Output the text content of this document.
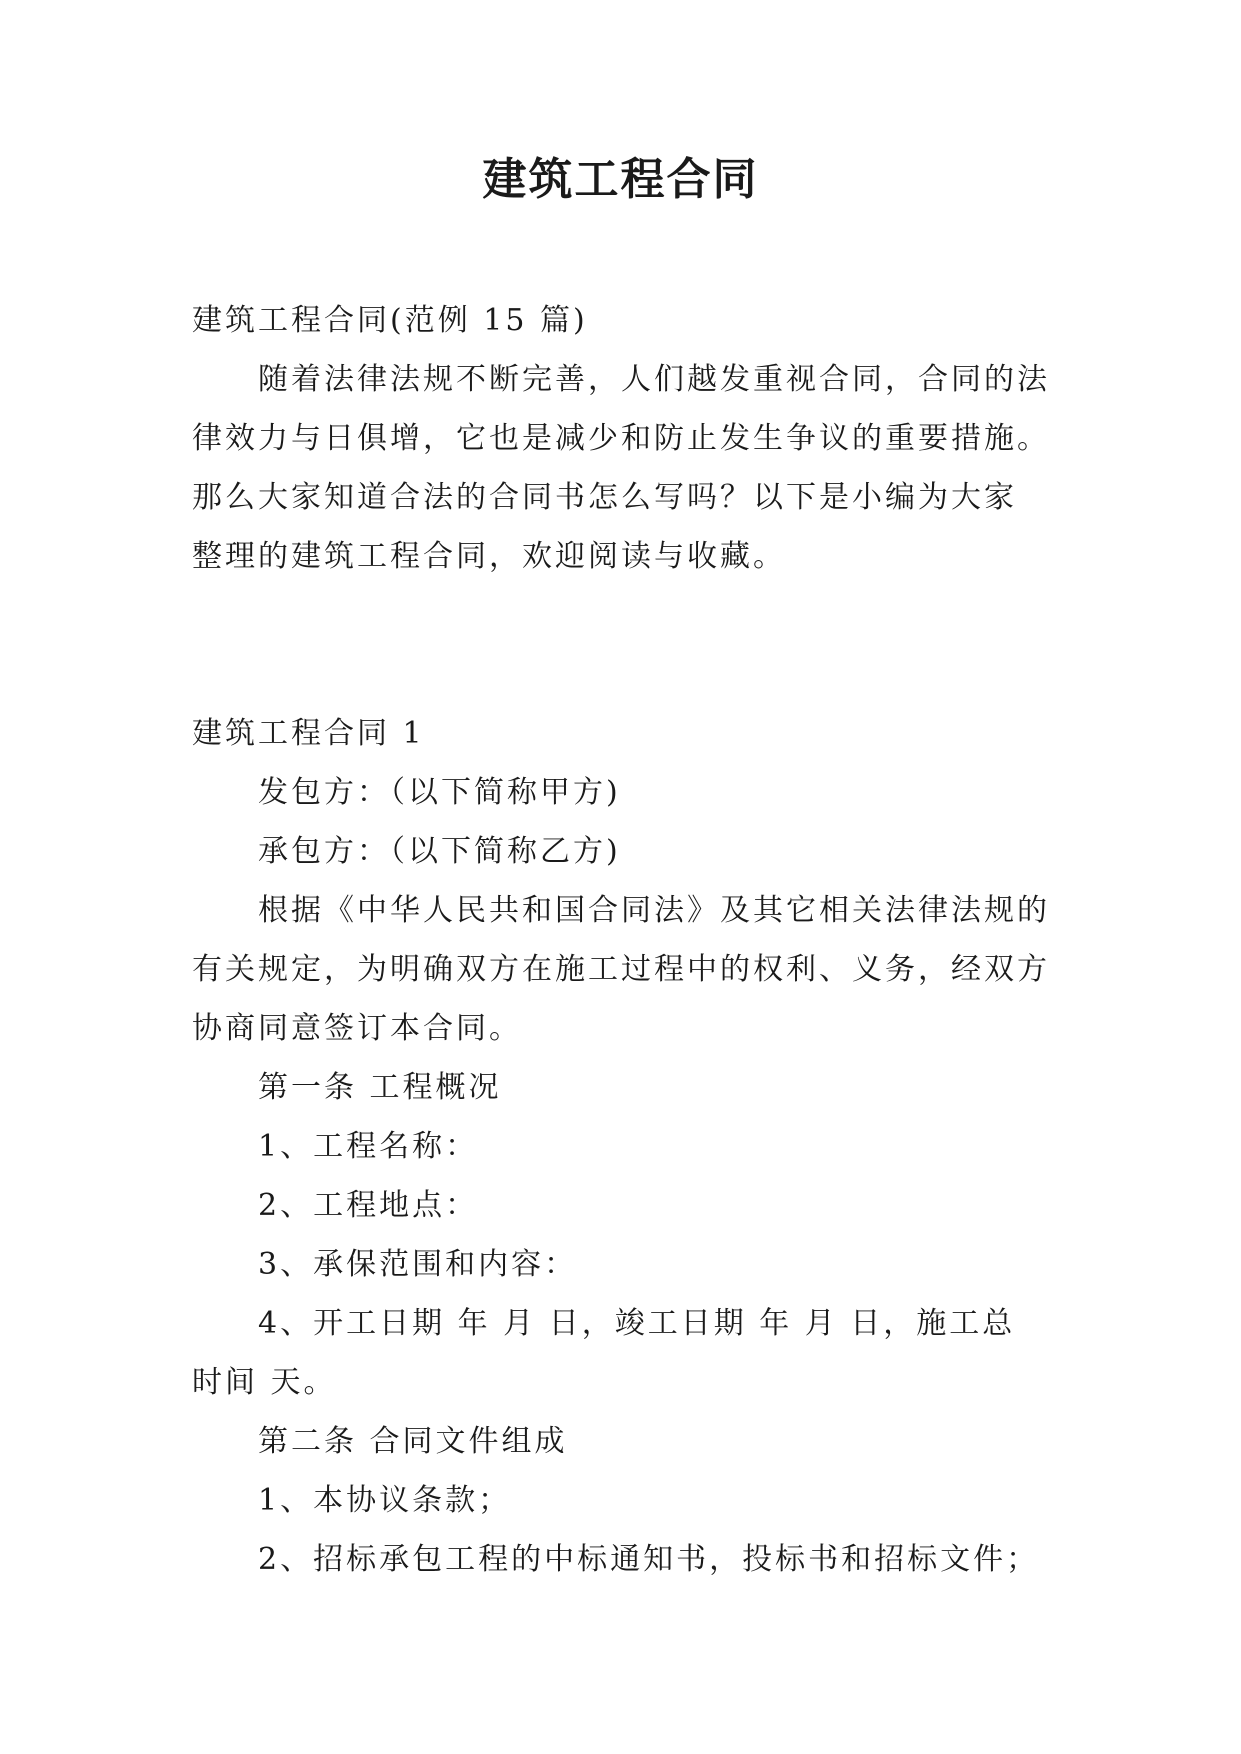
建筑工程合同
建筑工程合同(范例 15 篇)
随着法律法规不断完善，人们越发重视合同，合同的法
律效力与日俱增，它也是减少和防止发生争议的重要措施。
那么大家知道合法的合同书怎么写吗？以下是小编为大家
整理的建筑工程合同，欢迎阅读与收藏。
建筑工程合同 1
发包方：（以下简称甲方)
承包方：（以下简称乙方)
根据《中华人民共和国合同法》及其它相关法律法规的
有关规定，为明确双方在施工过程中的权利、义务，经双方
协商同意签订本合同。
第一条 工程概况
1、工程名称：
2、工程地点：
3、承保范围和内容：
4、开工日期 年 月 日，竣工日期 年 月 日，施工总
时间 天。
第二条 合同文件组成
1、本协议条款；
2、招标承包工程的中标通知书，投标书和招标文件；
